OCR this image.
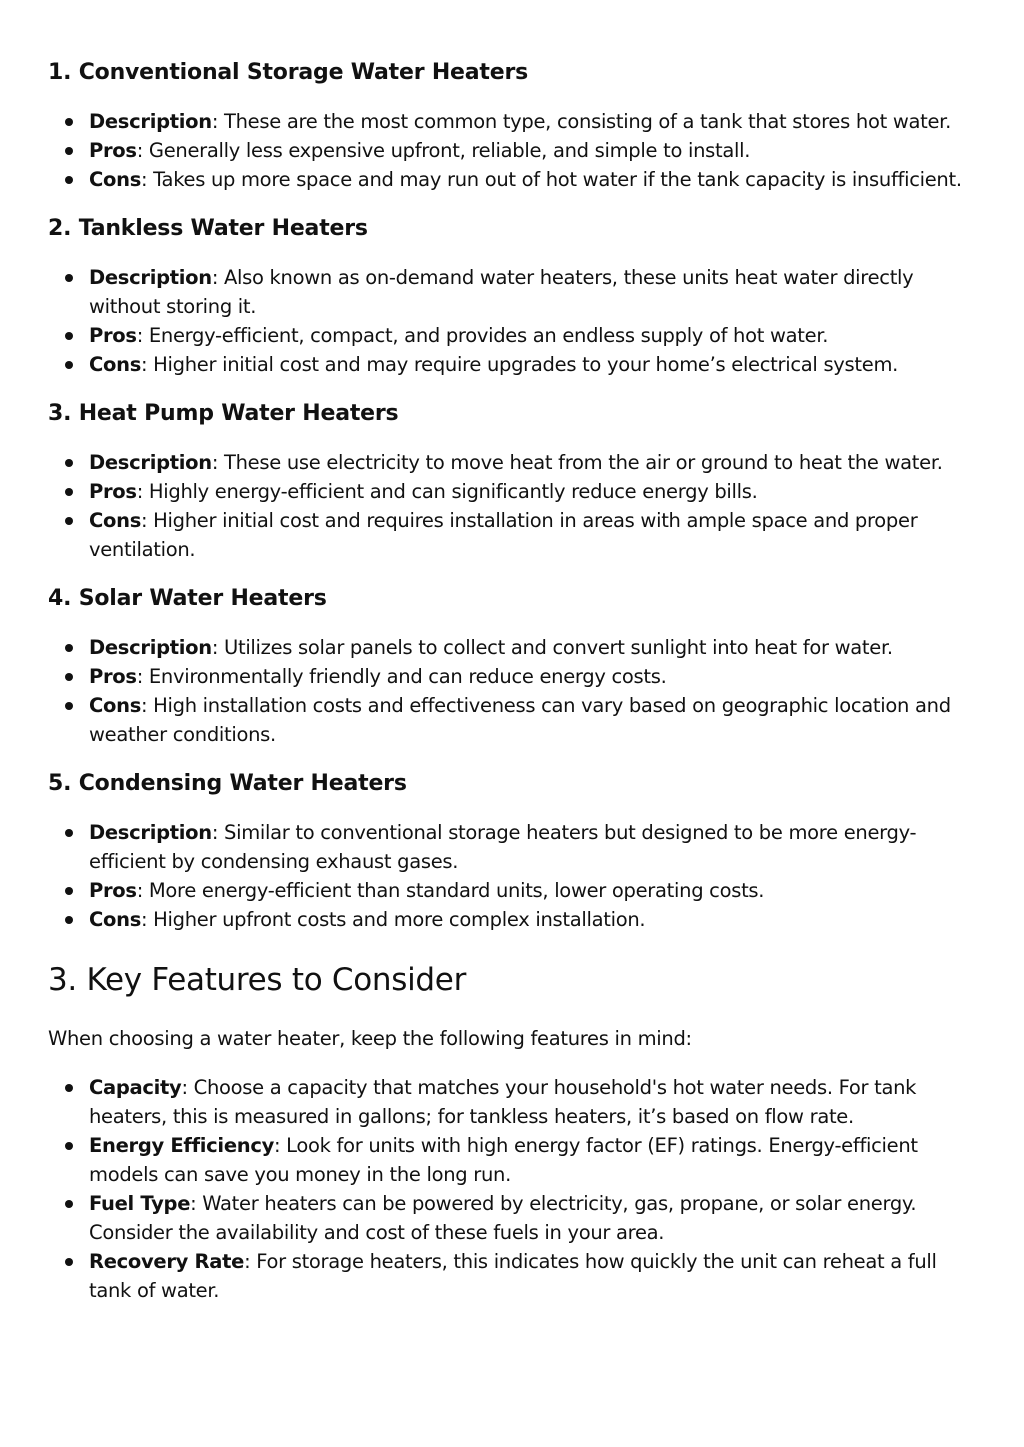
1. Conventional Storage Water Heaters
Description: These are the most common type, consisting of a tank that stores hot water.
Pros: Generally less expensive upfront, reliable, and simple to install.
Cons: Takes up more space and may run out of hot water if the tank capacity is insufficient.
2. Tankless Water Heaters
Description: Also known as on-demand water heaters, these units heat water directly without storing it.
Pros: Energy-efficient, compact, and provides an endless supply of hot water.
Cons: Higher initial cost and may require upgrades to your home’s electrical system.
3. Heat Pump Water Heaters
Description: These use electricity to move heat from the air or ground to heat the water.
Pros: Highly energy-efficient and can significantly reduce energy bills.
Cons: Higher initial cost and requires installation in areas with ample space and proper ventilation.
4. Solar Water Heaters
Description: Utilizes solar panels to collect and convert sunlight into heat for water.
Pros: Environmentally friendly and can reduce energy costs.
Cons: High installation costs and effectiveness can vary based on geographic location and weather conditions.
5. Condensing Water Heaters
Description: Similar to conventional storage heaters but designed to be more energy-efficient by condensing exhaust gases.
Pros: More energy-efficient than standard units, lower operating costs.
Cons: Higher upfront costs and more complex installation.
3. Key Features to Consider

When choosing a water heater, keep the following features in mind:

Capacity: Choose a capacity that matches your household's hot water needs. For tank heaters, this is measured in gallons; for tankless heaters, it’s based on flow rate.
Energy Efficiency: Look for units with high energy factor (EF) ratings. Energy-efficient models can save you money in the long run.
Fuel Type: Water heaters can be powered by electricity, gas, propane, or solar energy. Consider the availability and cost of these fuels in your area.
Recovery Rate: For storage heaters, this indicates how quickly the unit can reheat a full tank of water.
